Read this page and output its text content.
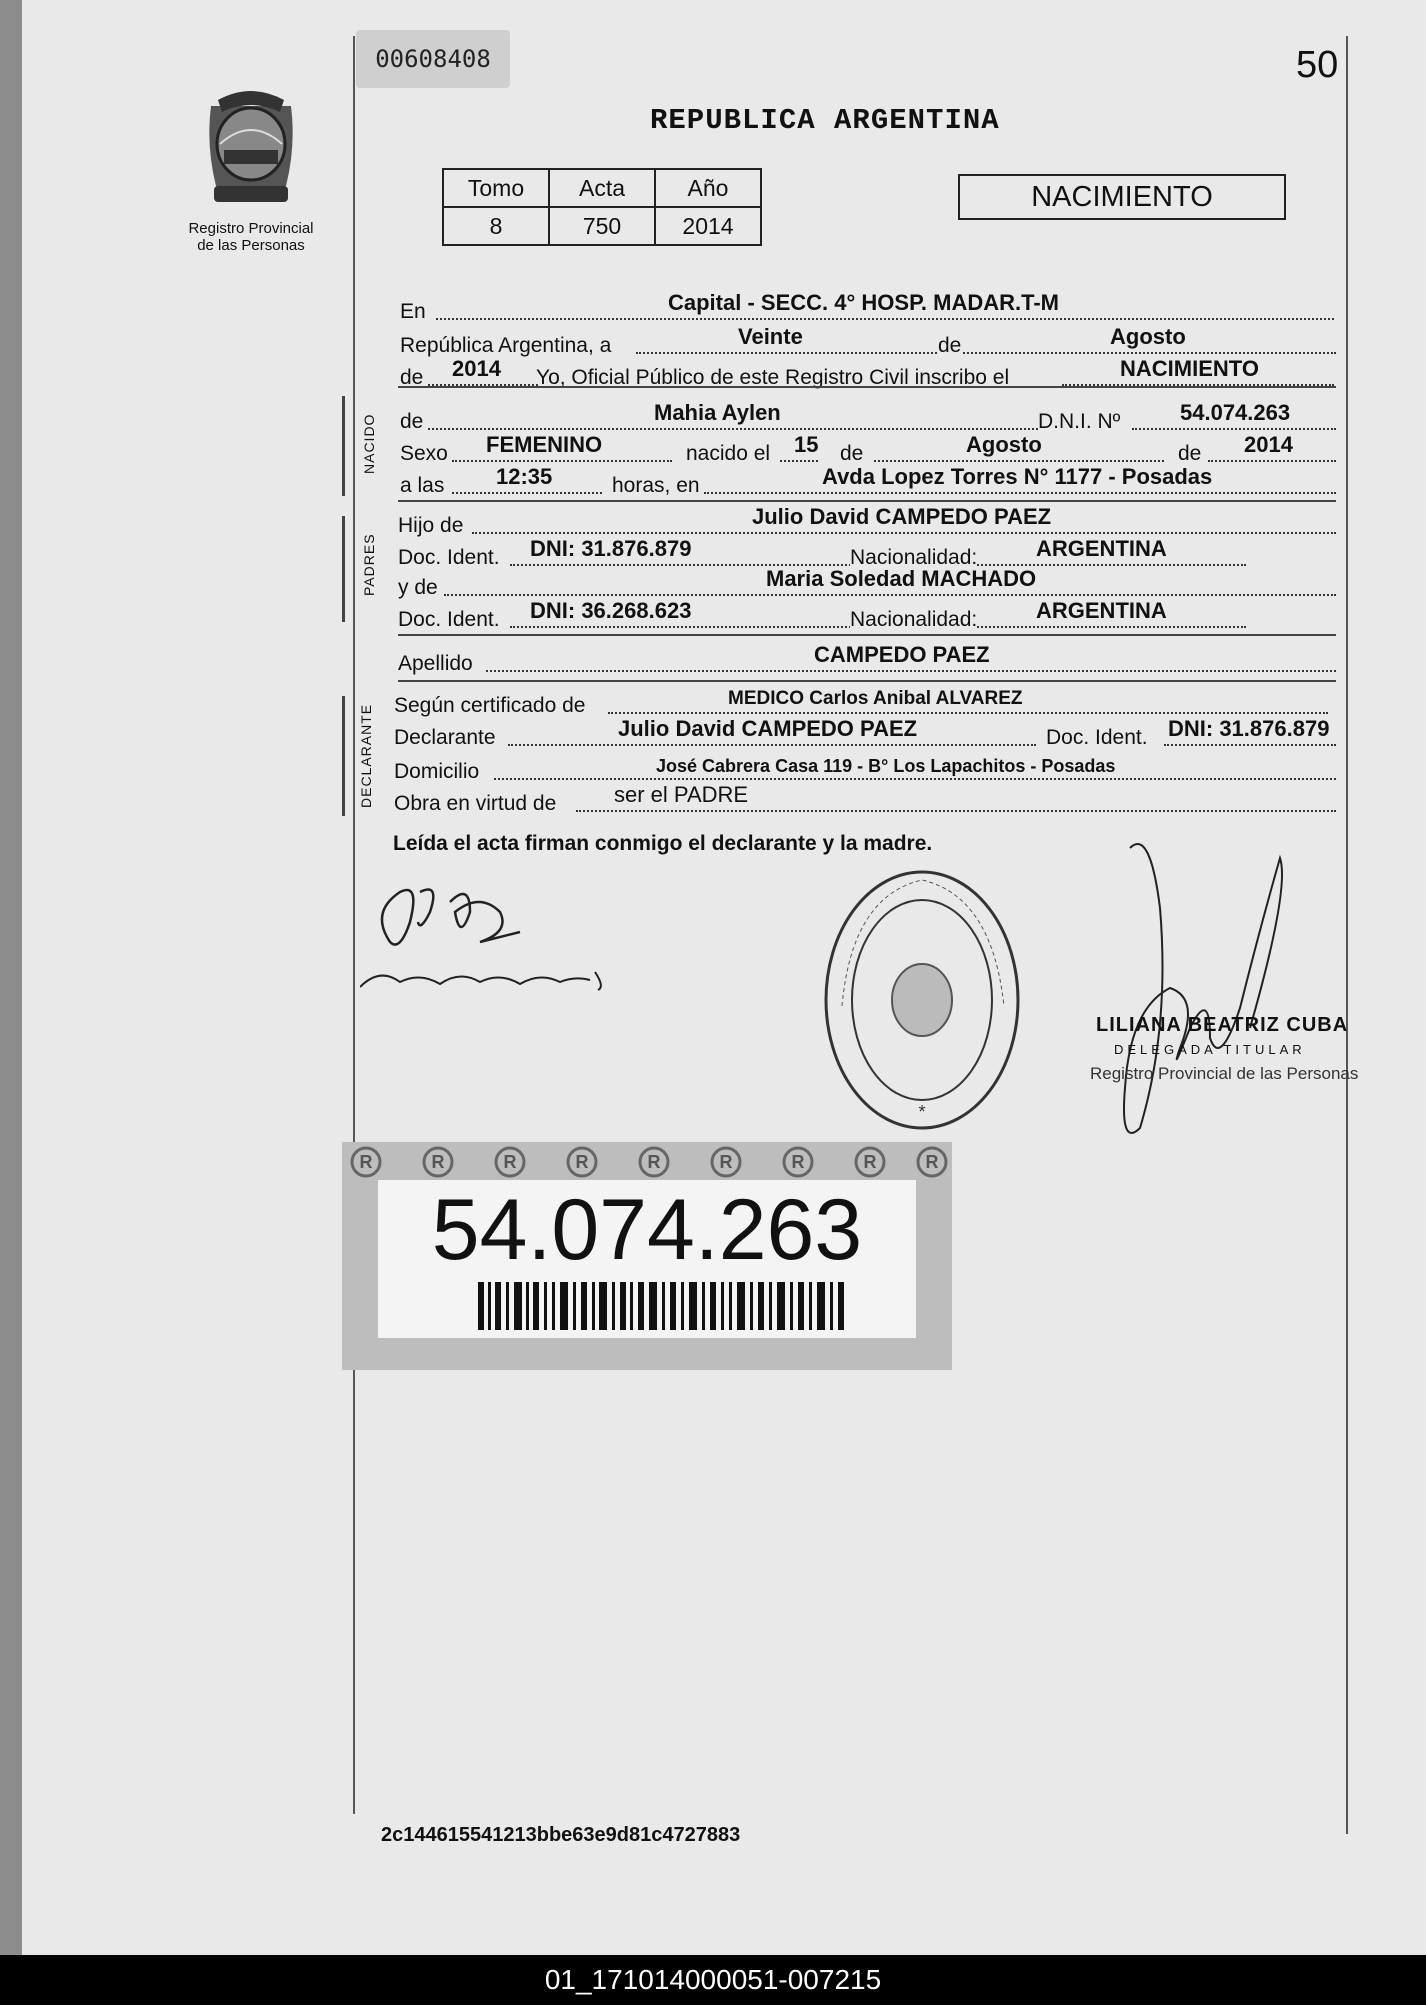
00608408	50
REPUBLICA ARGENTINA
Registro Provincial
de las Personas
Tomo	Acta	Año
8	750	2014
NACIMIENTO
En	Capital - SECC. 4° HOSP. MADAR.T-M
República Argentina, a	Veinte	de	Agosto
de 2014 Yo, Oficial Público de este Registro Civil inscribo el	NACIMIENTO
NACIDO de	Mahia Aylen	D.N.I. Nº	54.074.263
Sexo FEMENINO	nacido el 15 de	Agosto	de 2014
a las 12:35	horas, en	Avda Lopez Torres N° 1177 - Posadas
PADRES
Hijo de	Julio David CAMPEDO PAEZ
Doc. Ident. DNI: 31.876.879	Nacionalidad:	ARGENTINA
y de	Maria Soledad MACHADO
Doc. Ident. DNI: 36.268.623	Nacionalidad:	ARGENTINA
Apellido	CAMPEDO PAEZ
DECLARANTE Según certificado de	MEDICO Carlos Anibal ALVAREZ
Declarante	Julio David CAMPEDO PAEZ	Doc. Ident. DNI: 31.876.879
Domicilio	José Cabrera Casa 119 - B° Los Lapachitos - Posadas
Obra en virtud de	ser el PADRE
Leída el acta firman conmigo el declarante y la madre.
*
LILIANA BEATRIZ CUBA
DELEGADA TITULAR
Registro Provincial de las Personas
R	R	R	R	R	R	R	R	R
54.074.263
2c144615541213bbe63e9d81c4727883
01_171014000051-007215
